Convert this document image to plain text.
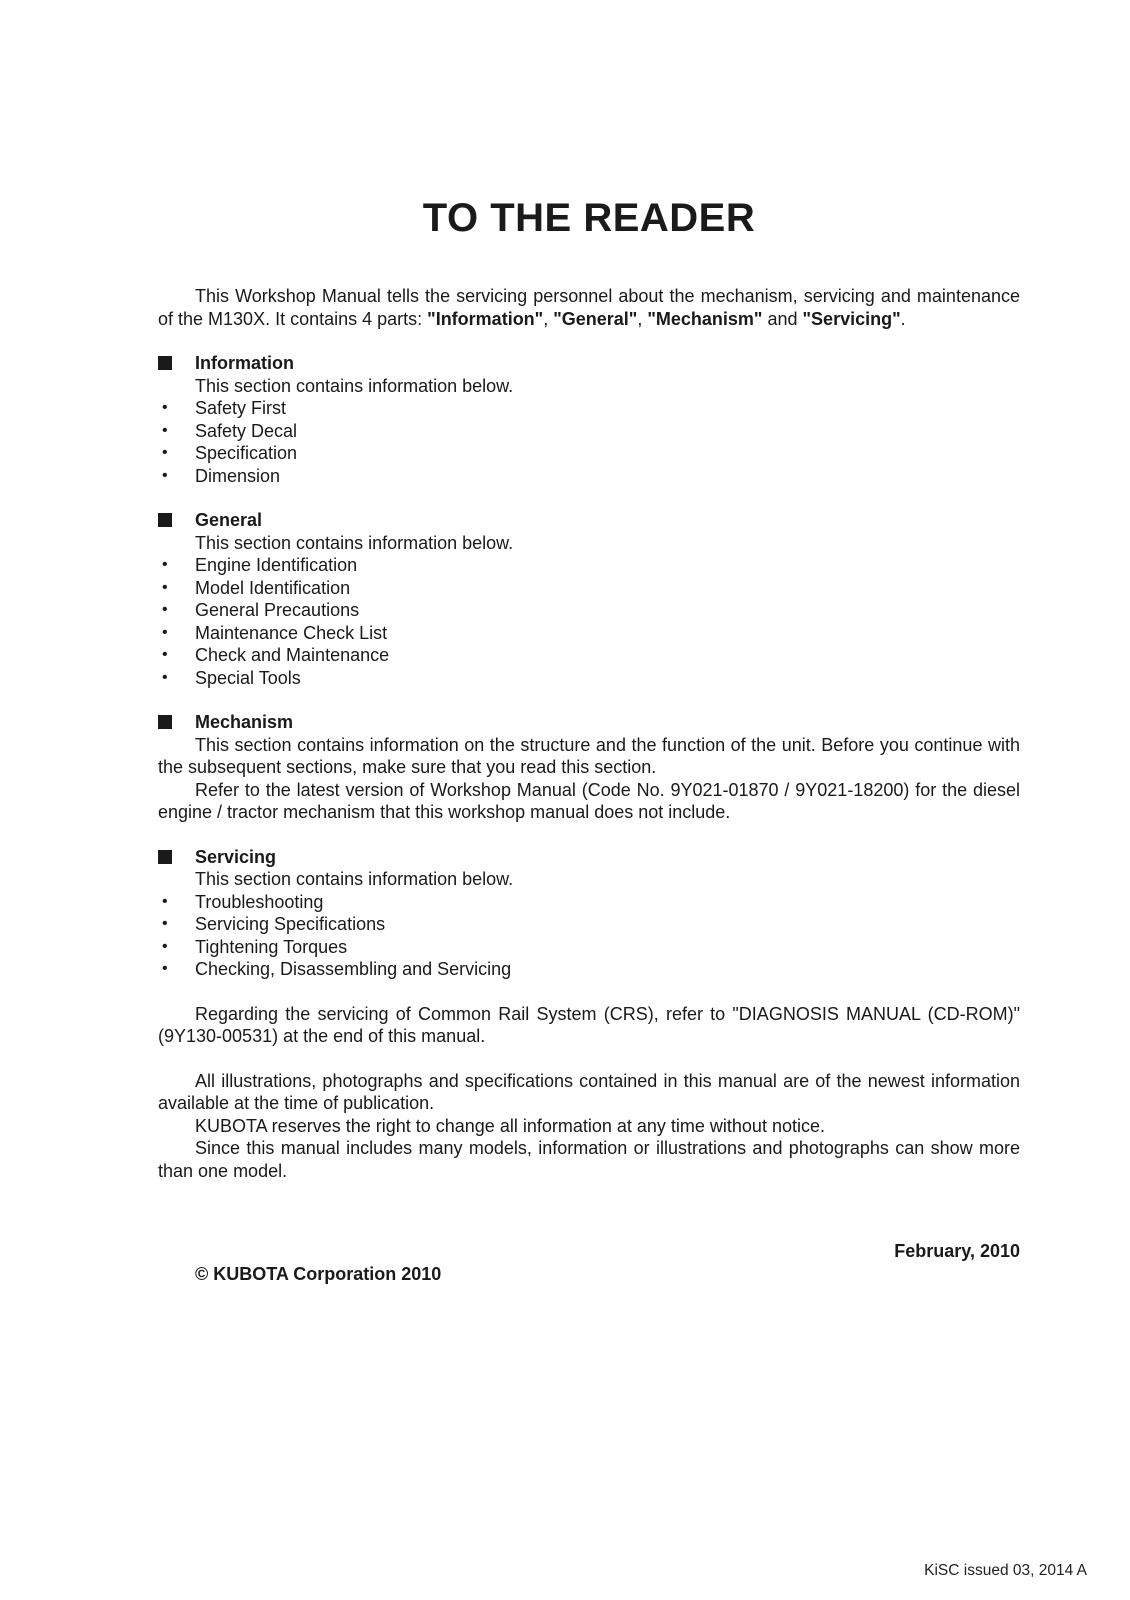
TO THE READER

This Workshop Manual tells the servicing personnel about the mechanism, servicing and maintenance of the M130X. It contains 4 parts: "Information", "General", "Mechanism" and "Servicing".

Information

This section contains information below.

• Safety First
• Safety Decal
• Specification
• Dimension
General

This section contains information below.

• Engine Identification
• Model Identification
• General Precautions
• Maintenance Check List
• Check and Maintenance
• Special Tools
Mechanism

This section contains information on the structure and the function of the unit. Before you continue with the subsequent sections, make sure that you read this section.

Refer to the latest version of Workshop Manual (Code No. 9Y021-01870 / 9Y021-18200) for the diesel engine / tractor mechanism that this workshop manual does not include.

Servicing

This section contains information below.

• Troubleshooting
• Servicing Specifications
• Tightening Torques
• Checking, Disassembling and Servicing

Regarding the servicing of Common Rail System (CRS), refer to "DIAGNOSIS MANUAL (CD-ROM)" (9Y130-00531) at the end of this manual.

All illustrations, photographs and specifications contained in this manual are of the newest information available at the time of publication.

KUBOTA reserves the right to change all information at any time without notice.

Since this manual includes many models, information or illustrations and photographs can show more than one model.

February, 2010
© KUBOTA Corporation 2010
KiSC issued 03, 2014 A
